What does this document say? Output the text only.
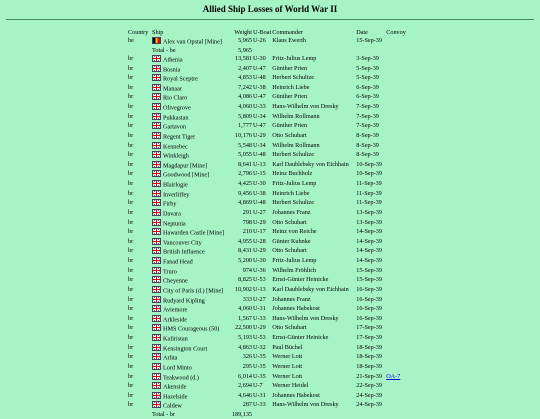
Allied Ship Losses of World War II
Country	Ship	Weight	U-Boat	Commander	Date	Convoy
be	Alex van Opstal [Mine]	5,965	U-26	Klaus Ewerth	15-Sep-39	
	Total - be	5,965				
br	Athenia	13,581	U-30	Fritz-Julius Lemp	3-Sep-39	
br	Bosnia	2,407	U-47	Günther Prien	5-Sep-39	
br	Royal Sceptre	4,853	U-48	Herbert Schultze	5-Sep-39	
br	Manaar	7,242	U-38	Heinrich Liebe	6-Sep-39	
br	Rio Claro	4,086	U-47	Günther Prien	6-Sep-39	
br	Olivegrove	4,060	U-33	Hans-Wilhelm von Dresky	7-Sep-39	
br	Pukkastan	5,809	U-34	Wilhelm Rollmann	7-Sep-39	
br	Gartavon	1,777	U-47	Günther Prien	7-Sep-39	
br	Regent Tiger	10,176	U-29	Otto Schuhart	8-Sep-39	
br	Kennebec	5,548	U-34	Wilhelm Rollmann	8-Sep-39	
br	Winkleigh	5,055	U-48	Herbert Schultze	8-Sep-39	
br	Magdapur [Mine]	8,641	U-13	Karl Daublebsky von Eichhain	10-Sep-39	
br	Goodwood [Mine]	2,796	U-15	Heinz Buchholz	10-Sep-39	
br	Blairlogie	4,425	U-30	Fritz-Julius Lemp	11-Sep-39	
br	Inverliffey	9,456	U-38	Heinrich Liebe	11-Sep-39	
br	Firby	4,869	U-48	Herbert Schultze	11-Sep-39	
br	Davara	291	U-27	Johannes Franz	13-Sep-39	
br	Neptunia	798	U-29	Otto Schuhart	13-Sep-39	
br	Hawarden Castle [Mine]	210	U-17	Heinz von Reiche	14-Sep-39	
br	Vancouver City	4,955	U-28	Günter Kuhnke	14-Sep-39	
br	British Influence	8,431	U-29	Otto Schuhart	14-Sep-39	
br	Fanad Head	5,200	U-30	Fritz-Julius Lemp	14-Sep-39	
br	Truro	974	U-36	Wilhelm Fröhlich	15-Sep-39	
br	Cheyenne	8,825	U-53	Ernst-Günter Heinicke	15-Sep-39	
br	City of Paris (d.) [Mine]	10,902	U-13	Karl Daublebsky von Eichhain	16-Sep-39	
br	Rudyard Kipling	333	U-27	Johannes Franz	16-Sep-39	
br	Aviemore	4,060	U-31	Johannes Habekost	16-Sep-39	
br	Arkleside	1,567	U-33	Hans-Wilhelm von Dresky	16-Sep-39	
br	HMS Courageous (50)	22,500	U-29	Otto Schuhart	17-Sep-39	
br	Kafiristan	5,193	U-53	Ernst-Günter Heinicke	17-Sep-39	
br	Kensington Court	4,863	U-32	Paul Büchel	18-Sep-39	
br	Arlita	326	U-35	Werner Lott	18-Sep-39	
br	Lord Minto	295	U-35	Werner Lott	18-Sep-39	
br	Teakwood (d.)	6,014	U-35	Werner Lott	21-Sep-39	OA-7
br	Akenside	2,694	U-7	Werner Heidel	22-Sep-39	
br	Hazelside	4,646	U-31	Johannes Habekost	24-Sep-39	
br	Caldew	287	U-33	Hans-Wilhelm von Dresky	24-Sep-39	
	Total - br	189,135				
